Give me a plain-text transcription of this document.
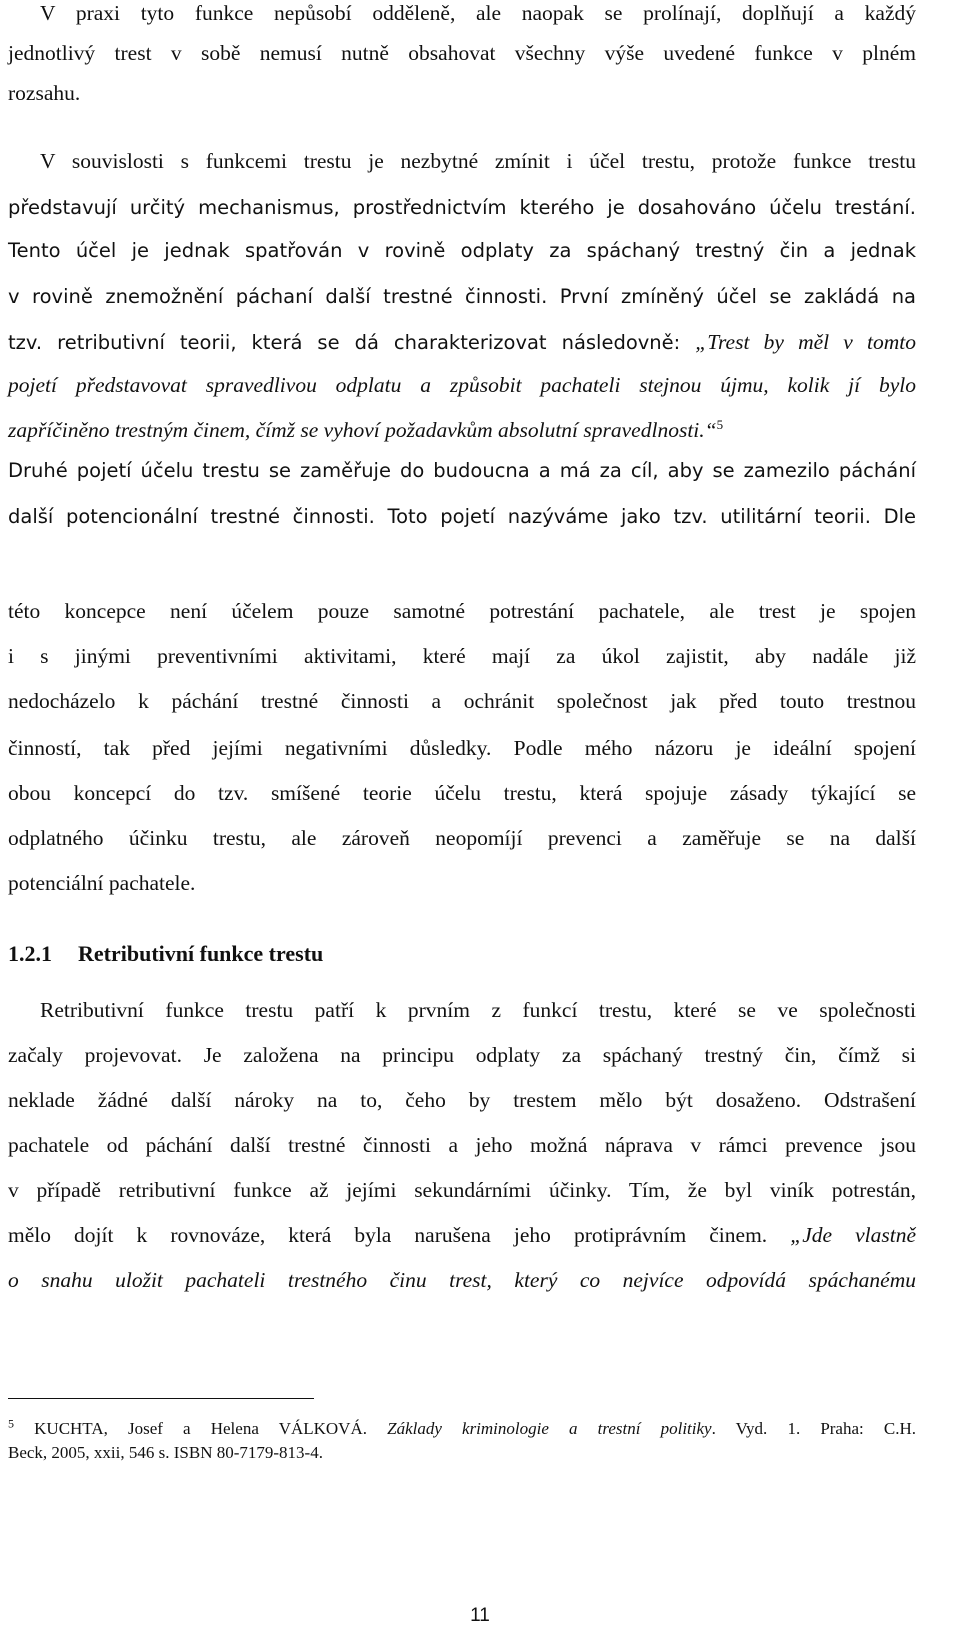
V praxi tyto funkce nepůsobí odděleně, ale naopak se prolínají, doplňují a každý
jednotlivý trest v sobě nemusí nutně obsahovat všechny výše uvedené funkce v plném
rozsahu.
V souvislosti s funkcemi trestu je nezbytné zmínit i účel trestu, protože funkce trestu
představují určitý mechanismus, prostřednictvím kterého je dosahováno účelu trestání.
Tento účel je jednak spatřován v rovině odplaty za spáchaný trestný čin a jednak
v rovině znemožnění páchaní další trestné činnosti. První zmíněný účel se zakládá na
tzv. retributivní teorii, která se dá charakterizovat následovně: „Trest by měl v tomto
pojetí představovat spravedlivou odplatu a způsobit pachateli stejnou újmu, kolik jí bylo
zapříčiněno trestným činem, čímž se vyhoví požadavkům absolutní spravedlnosti.“$^5$
Druhé pojetí účelu trestu se zaměřuje do budoucna a má za cíl, aby se zamezilo páchání
další potencionální trestné činnosti. Toto pojetí nazýváme jako tzv. utilitární teorii. Dle
této koncepce není účelem pouze samotné potrestání pachatele, ale trest je spojen
i s jinými preventivními aktivitami, které mají za úkol zajistit, aby nadále již
nedocházelo k páchání trestné činnosti a ochránit společnost jak před touto trestnou
činností, tak před jejími negativními důsledky. Podle mého názoru je ideální spojení
obou koncepcí do tzv. smíšené teorie účelu trestu, která spojuje zásady týkající se
odplatného účinku trestu, ale zároveň neopomíjí prevenci a zaměřuje se na další
potenciální pachatele.
1.2.1 Retributivní funkce trestu
Retributivní funkce trestu patří k prvním z funkcí trestu, které se ve společnosti
začaly projevovat. Je založena na principu odplaty za spáchaný trestný čin, čímž si
neklade žádné další nároky na to, čeho by trestem mělo být dosaženo. Odstrašení
pachatele od páchání další trestné činnosti a jeho možná náprava v rámci prevence jsou
v případě retributivní funkce až jejími sekundárními účinky. Tím, že byl viník potrestán,
mělo dojít k rovnováze, která byla narušena jeho protiprávním činem. „Jde vlastně
o snahu uložit pachateli trestného činu trest, který co nejvíce odpovídá spáchanému
$^5$ KUCHTA, Josef a Helena VÁLKOVÁ. Základy kriminologie a trestní politiky. Vyd. 1. Praha: C.H.
Beck, 2005, xxii, 546 s. ISBN 80-7179-813-4.
11
